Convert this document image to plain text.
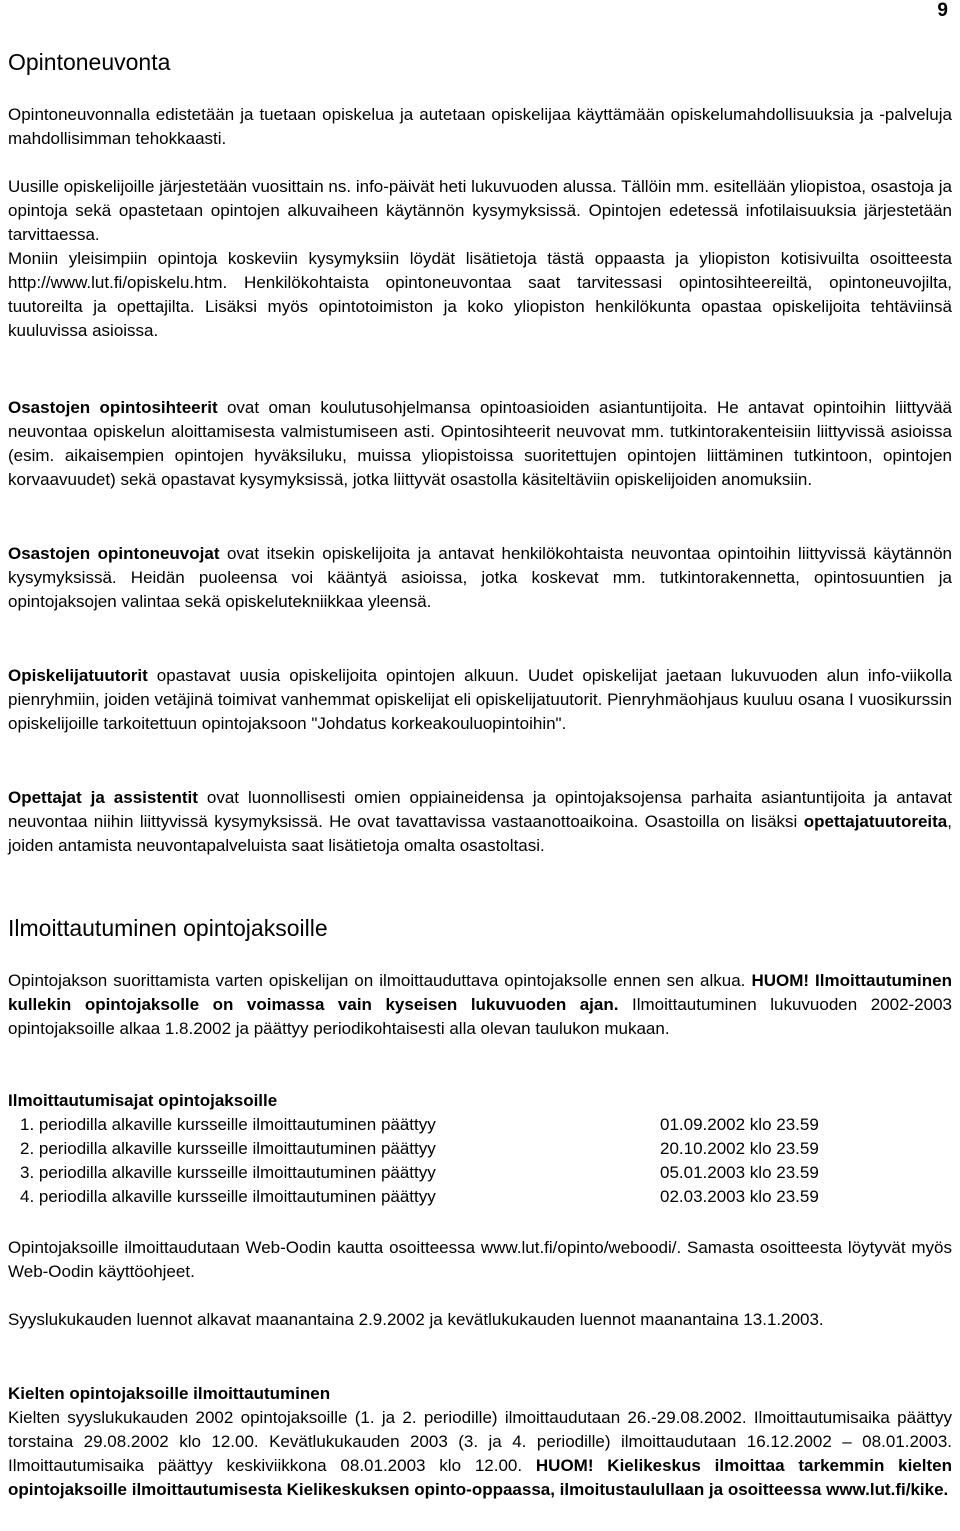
9
Opintoneuvonta

Opintoneuvonnalla edistetään ja tuetaan opiskelua ja autetaan opiskelijaa käyttämään opiskelumahdollisuuksia ja -palveluja mahdollisimman tehokkaasti.

Uusille opiskelijoille järjestetään vuosittain ns. info-päivät heti lukuvuoden alussa. Tällöin mm. esitellään yliopistoa, osastoja ja opintoja sekä opastetaan opintojen alkuvaiheen käytännön kysymyksissä. Opintojen edetessä infotilaisuuksia järjestetään tarvittaessa.

Moniin yleisimpiin opintoja koskeviin kysymyksiin löydät lisätietoja tästä oppaasta ja yliopiston kotisivuilta osoitteesta http://www.lut.fi/opiskelu.htm. Henkilökohtaista opintoneuvontaa saat tarvitessasi opintosihteereiltä, opintoneuvojilta, tuutoreilta ja opettajilta. Lisäksi myös opintotoimiston ja koko yliopiston henkilökunta opastaa opiskelijoita tehtäviinsä kuuluvissa asioissa.

Osastojen opintosihteerit ovat oman koulutusohjelmansa opintoasioiden asiantuntijoita. He antavat opintoihin liittyvää neuvontaa opiskelun aloittamisesta valmistumiseen asti. Opintosihteerit neuvovat mm. tutkintorakenteisiin liittyvissä asioissa (esim. aikaisempien opintojen hyväksiluku, muissa yliopistoissa suoritettujen opintojen liittäminen tutkintoon, opintojen korvaavuudet) sekä opastavat kysymyksissä, jotka liittyvät osastolla käsiteltäviin opiskelijoiden anomuksiin.

Osastojen opintoneuvojat ovat itsekin opiskelijoita ja antavat henkilökohtaista neuvontaa opintoihin liittyvissä käytännön kysymyksissä. Heidän puoleensa voi kääntyä asioissa, jotka koskevat mm. tutkintorakennetta, opintosuuntien ja opintojaksojen valintaa sekä opiskelutekniikkaa yleensä.

Opiskelijatuutorit opastavat uusia opiskelijoita opintojen alkuun. Uudet opiskelijat jaetaan lukuvuoden alun info-viikolla pienryhmiin, joiden vetäjinä toimivat vanhemmat opiskelijat eli opiskelijatuutorit. Pienryhmäohjaus kuuluu osana I vuosikurssin opiskelijoille tarkoitettuun opintojaksoon "Johdatus korkeakouluopintoihin".

Opettajat ja assistentit ovat luonnollisesti omien oppiaineidensa ja opintojaksojensa parhaita asiantuntijoita ja antavat neuvontaa niihin liittyvissä kysymyksissä. He ovat tavattavissa vastaanottoaikoina. Osastoilla on lisäksi opettajatuutoreita, joiden antamista neuvontapalveluista saat lisätietoja omalta osastoltasi.

Ilmoittautuminen opintojaksoille

Opintojakson suorittamista varten opiskelijan on ilmoittauduttava opintojaksolle ennen sen alkua. HUOM! Ilmoittautuminen kullekin opintojaksolle on voimassa vain kyseisen lukuvuoden ajan. Ilmoittautuminen lukuvuoden 2002-2003 opintojaksoille alkaa 1.8.2002 ja päättyy periodikohtaisesti alla olevan taulukon mukaan.

Ilmoittautumisajat opintojaksoille
1. periodilla alkaville kursseille ilmoittautuminen päättyy	01.09.2002 klo 23.59
2. periodilla alkaville kursseille ilmoittautuminen päättyy	20.10.2002 klo 23.59
3. periodilla alkaville kursseille ilmoittautuminen päättyy	05.01.2003 klo 23.59
4. periodilla alkaville kursseille ilmoittautuminen päättyy	02.03.2003 klo 23.59

Opintojaksoille ilmoittaudutaan Web-Oodin kautta osoitteessa www.lut.fi/opinto/weboodi/. Samasta osoitteesta löytyvät myös Web-Oodin käyttöohjeet.

Syyslukukauden luennot alkavat maanantaina 2.9.2002 ja kevätlukukauden luennot maanantaina 13.1.2003.

Kielten opintojaksoille ilmoittautuminen

Kielten syyslukukauden 2002 opintojaksoille (1. ja 2. periodille) ilmoittaudutaan 26.-29.08.2002. Ilmoittautumisaika päättyy torstaina 29.08.2002 klo 12.00. Kevätlukukauden 2003 (3. ja 4. periodille) ilmoittaudutaan 16.12.2002 – 08.01.2003. Ilmoittautumisaika päättyy keskiviikkona 08.01.2003 klo 12.00. HUOM! Kielikeskus ilmoittaa tarkemmin kielten opintojaksoille ilmoittautumisesta Kielikeskuksen opinto-oppaassa, ilmoitustaulullaan ja osoitteessa www.lut.fi/kike.
